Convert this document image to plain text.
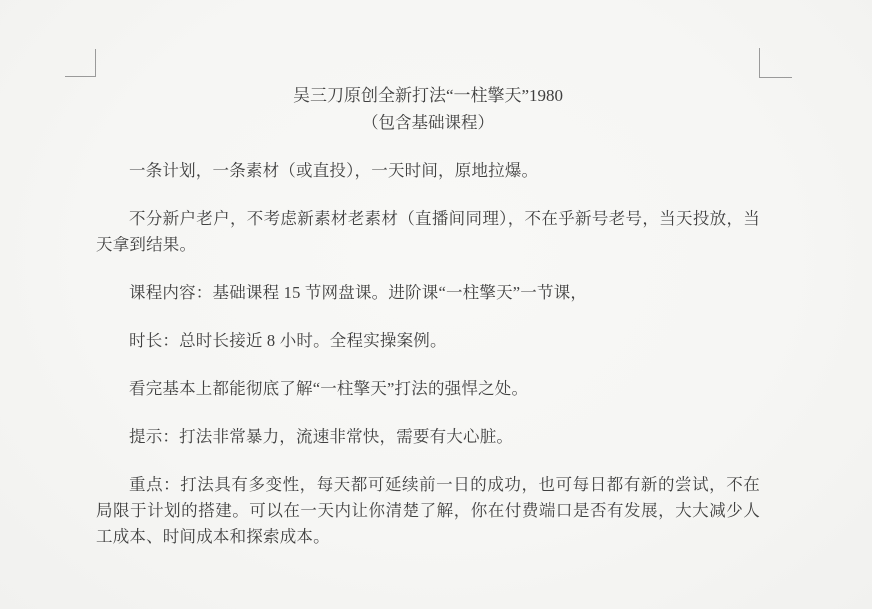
吴三刀原创全新打法“一柱擎天”1980
（包含基础课程）

一条计划，一条素材（或直投），一天时间，原地拉爆。

不分新户老户，不考虑新素材老素材（直播间同理），不在乎新号老号，当天投放，当天拿到结果。

课程内容：基础课程 15 节网盘课。进阶课“一柱擎天”一节课，

时长：总时长接近 8 小时。全程实操案例。

看完基本上都能彻底了解“一柱擎天”打法的强悍之处。

提示：打法非常暴力，流速非常快，需要有大心脏。

重点：打法具有多变性，每天都可延续前一日的成功，也可每日都有新的尝试，不在局限于计划的搭建。可以在一天内让你清楚了解，你在付费端口是否有发展，大大减少人工成本、时间成本和探索成本。
